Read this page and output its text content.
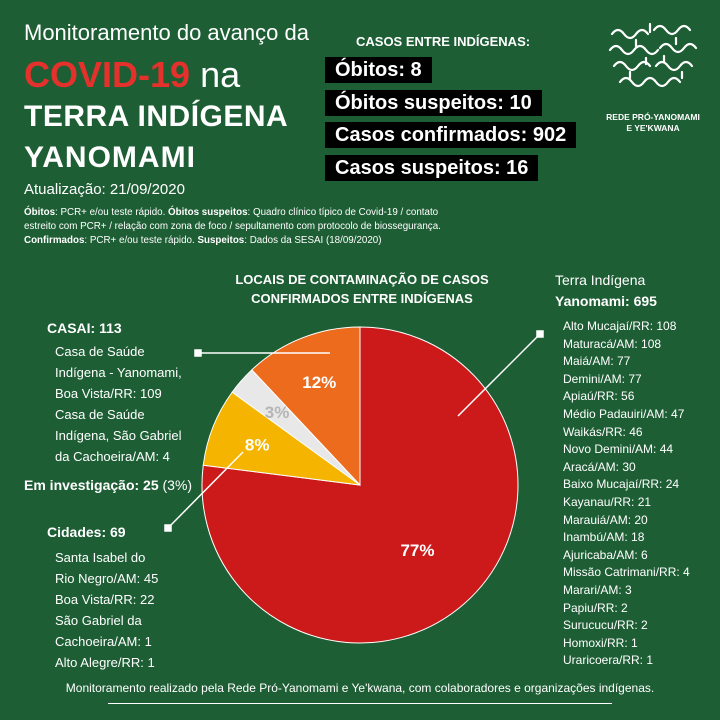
Monitoramento do avanço da
COVID-19 na
TERRA INDÍGENA
YANOMAMI
Atualização: 21/09/2020
CASOS ENTRE INDÍGENAS:
Óbitos: 8
Óbitos suspeitos: 10
Casos confirmados: 902
Casos suspeitos: 16
REDE PRÓ-YANOMAMI
E YE'KWANA
Óbitos: PCR+ e/ou teste rápido. Óbitos suspeitos: Quadro clínico típico de Covid-19 / contato estreito com PCR+ / relação com zona de foco / sepultamento com protocolo de biossegurança. Confirmados: PCR+ e/ou teste rápido. Suspeitos: Dados da SESAI (18/09/2020)
LOCAIS DE CONTAMINAÇÃO DE CASOS CONFIRMADOS ENTRE INDÍGENAS
77%
8%
3%
12%
CASAI: 113
Casa de Saúde
Indígena - Yanomami,
Boa Vista/RR: 109
Casa de Saúde
Indígena, São Gabriel
da Cachoeira/AM: 4
Em investigação: 25 (3%)
Cidades: 69
Santa Isabel do
Rio Negro/AM: 45
Boa Vista/RR: 22
São Gabriel da
Cachoeira/AM: 1
Alto Alegre/RR: 1
Terra Indígena
Yanomami: 695
Alto Mucajaí/RR: 108
Maturacá/AM: 108
Maiá/AM: 77
Demini/AM: 77
Apiaú/RR: 56
Médio Padauiri/AM: 47
Waikás/RR: 46
Novo Demini/AM: 44
Aracá/AM: 30
Baixo Mucajaí/RR: 24
Kayanau/RR: 21
Marauiá/AM: 20
Inambú/AM: 18
Ajuricaba/AM: 6
Missão Catrimani/RR: 4
Marari/AM: 3
Papiu/RR: 2
Surucucu/RR: 2
Homoxi/RR: 1
Uraricoera/RR: 1
Monitoramento realizado pela Rede Pró-Yanomami e Ye'kwana, com colaboradores e organizações indígenas.
